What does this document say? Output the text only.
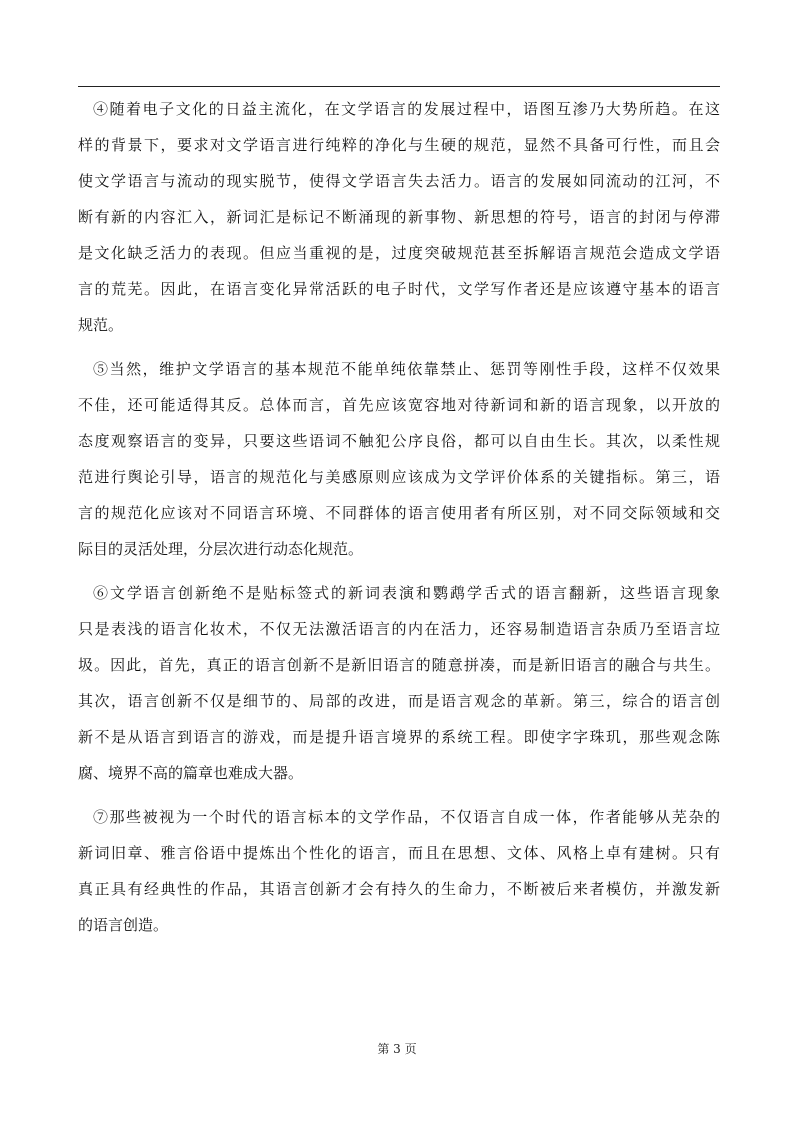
④随着电子文化的日益主流化，在文学语言的发展过程中，语图互渗乃大势所趋。在这
样的背景下，要求对文学语言进行纯粹的净化与生硬的规范，显然不具备可行性，而且会
使文学语言与流动的现实脱节，使得文学语言失去活力。语言的发展如同流动的江河，不
断有新的内容汇入，新词汇是标记不断涌现的新事物、新思想的符号，语言的封闭与停滞
是文化缺乏活力的表现。但应当重视的是，过度突破规范甚至拆解语言规范会造成文学语
言的荒芜。因此，在语言变化异常活跃的电子时代，文学写作者还是应该遵守基本的语言
规范。

⑤当然，维护文学语言的基本规范不能单纯依靠禁止、惩罚等刚性手段，这样不仅效果
不佳，还可能适得其反。总体而言，首先应该宽容地对待新词和新的语言现象，以开放的
态度观察语言的变异，只要这些语词不触犯公序良俗，都可以自由生长。其次，以柔性规
范进行舆论引导，语言的规范化与美感原则应该成为文学评价体系的关键指标。第三，语
言的规范化应该对不同语言环境、不同群体的语言使用者有所区别，对不同交际领域和交
际目的灵活处理，分层次进行动态化规范。

⑥文学语言创新绝不是贴标签式的新词表演和鹦鹉学舌式的语言翻新，这些语言现象
只是表浅的语言化妆术，不仅无法激活语言的内在活力，还容易制造语言杂质乃至语言垃
圾。因此，首先，真正的语言创新不是新旧语言的随意拼凑，而是新旧语言的融合与共生。
其次，语言创新不仅是细节的、局部的改进，而是语言观念的革新。第三，综合的语言创
新不是从语言到语言的游戏，而是提升语言境界的系统工程。即使字字珠玑，那些观念陈
腐、境界不高的篇章也难成大器。

⑦那些被视为一个时代的语言标本的文学作品，不仅语言自成一体，作者能够从芜杂的
新词旧章、雅言俗语中提炼出个性化的语言，而且在思想、文体、风格上卓有建树。只有
真正具有经典性的作品，其语言创新才会有持久的生命力，不断被后来者模仿，并激发新
的语言创造。

第 3 页
